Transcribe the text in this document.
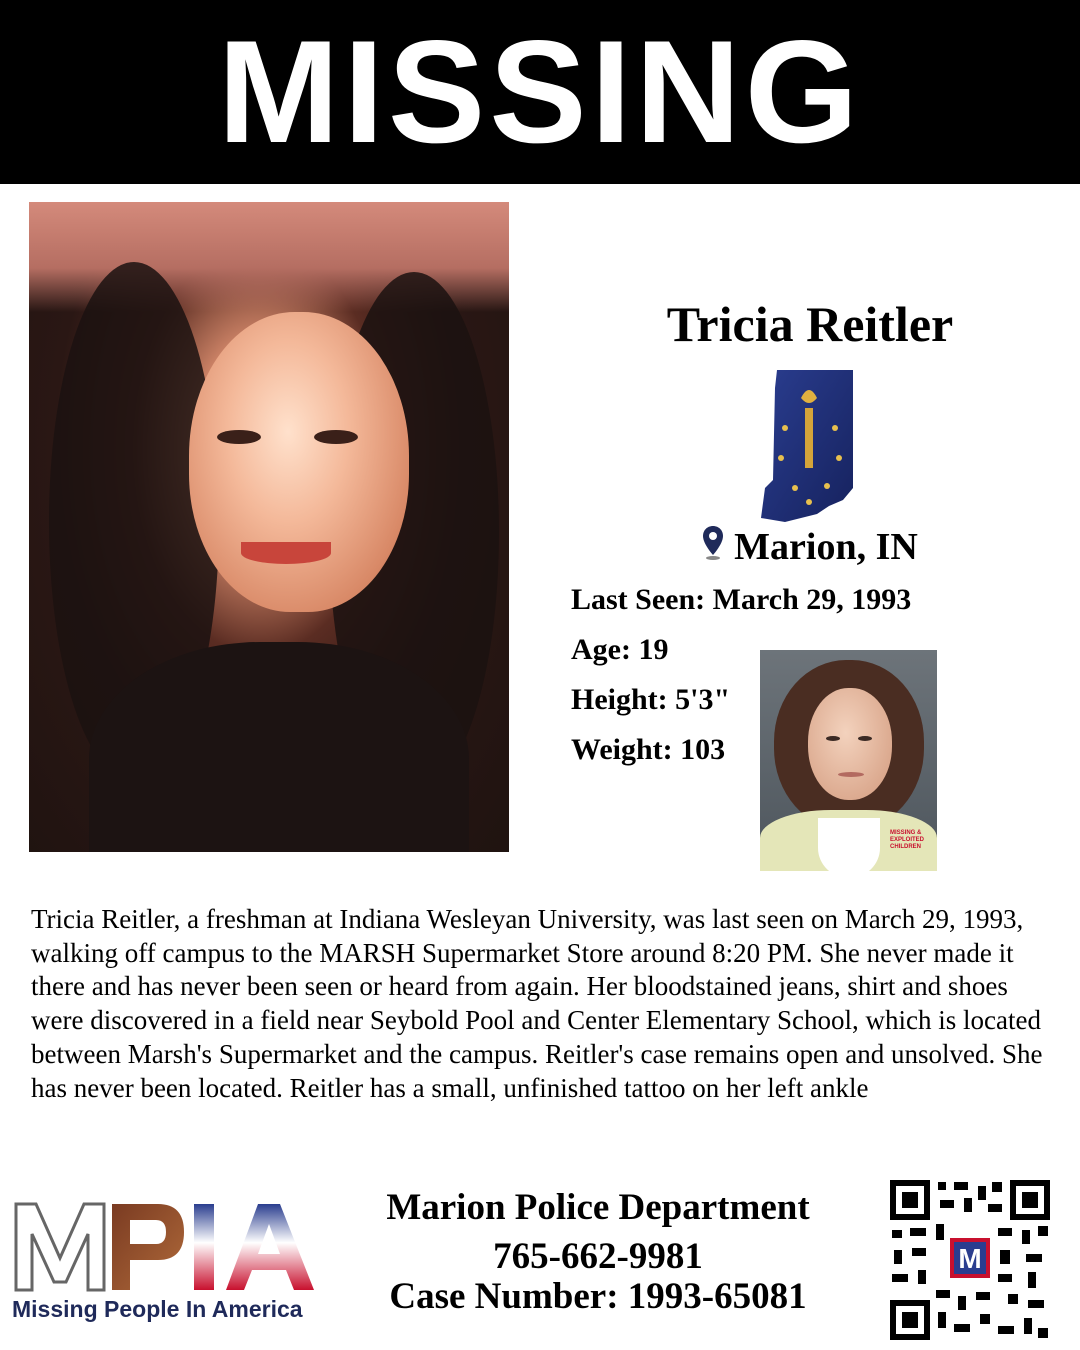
MISSING
Tricia Reitler
Marion, IN
Last Seen: March 29, 1993
Age: 19
Height: 5'3"
Weight: 103
MISSING & EXPLOITED CHILDREN
Tricia Reitler, a freshman at Indiana Wesleyan University, was last seen on March 29, 1993, walking off campus to the MARSH Supermarket Store around 8:20 PM. She never made it there and has never been seen or heard from again. Her bloodstained jeans, shirt and shoes were discovered in a field near Seybold Pool and Center Elementary School, which is located between Marsh's Supermarket and the campus. Reitler's case remains open and unsolved. She has never been located. Reitler has a small, unfinished tattoo on her left ankle
Missing People In America
Marion Police Department
765-662-9981
Case Number: 1993-65081
M
